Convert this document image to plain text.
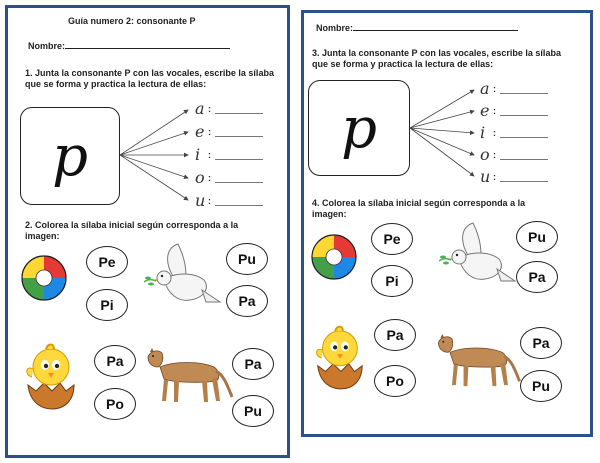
Guía numero 2: consonante P
Nombre:
1. Junta la consonante P con las vocales, escribe la sílaba que se forma y practica la lectura de ellas:
p
a :
e :
i :
o :
u :
2. Colorea la sílaba inicial según corresponda a la imagen:
Pe
Pi
Pu
Pa
Pa
Po
Pa
Pu
Nombre:
3. Junta la consonante P con las vocales, escribe la sílaba que se forma y practica la lectura de ellas:
p
a :
e :
i :
o :
u :
4. Colorea la sílaba inicial según corresponda a la imagen:
Pe
Pi
Pu
Pa
Pa
Po
Pa
Pu
